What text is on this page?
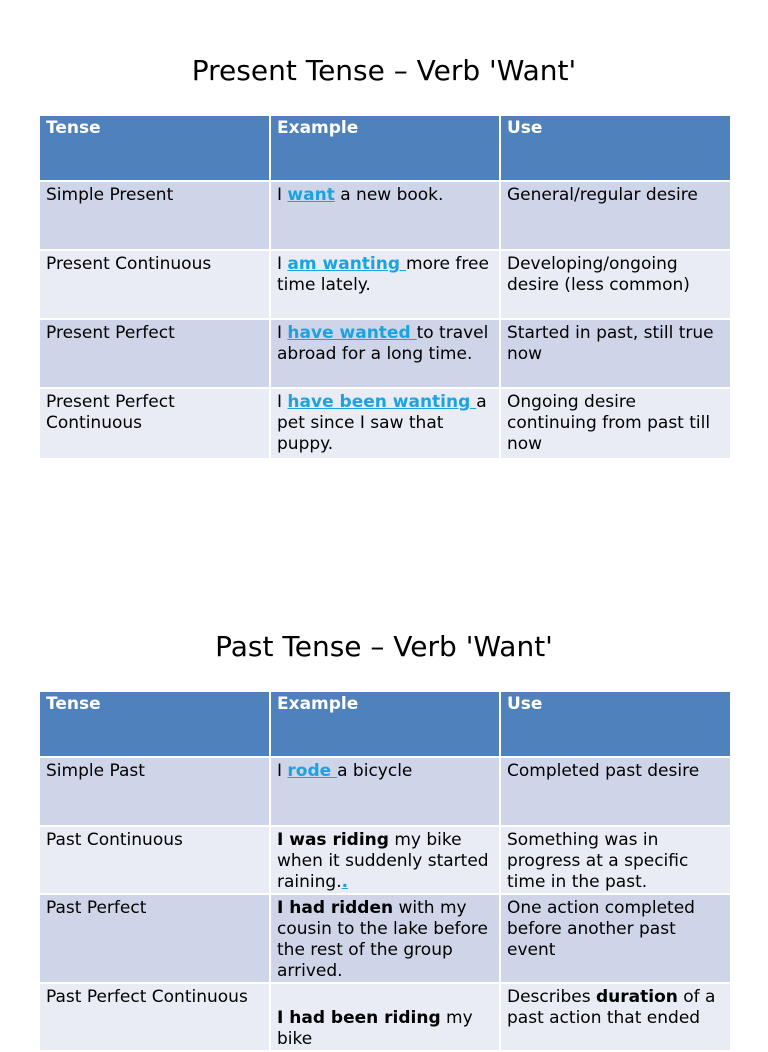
Present Tense – Verb 'Want'
Tense	Example	Use
Simple Present	I want a new book.	General/regular desire
Present Continuous	I am wanting more free time lately.	Developing/ongoing desire (less common)
Present Perfect	I have wanted to travel abroad for a long time.	Started in past, still true now
Present Perfect Continuous	I have been wanting a pet since I saw that puppy.	Ongoing desire continuing from past till now
Past Tense – Verb 'Want'
Tense	Example	Use
Simple Past	I rode a bicycle	Completed past desire
Past Continuous	I was riding my bike when it suddenly started raining..	Something was in progress at a specific time in the past.
Past Perfect	I had ridden with my cousin to the lake before the rest of the group arrived.	One action completed before another past event
Past Perfect Continuous	I had been riding my bike	Describes duration of a past action that ended
